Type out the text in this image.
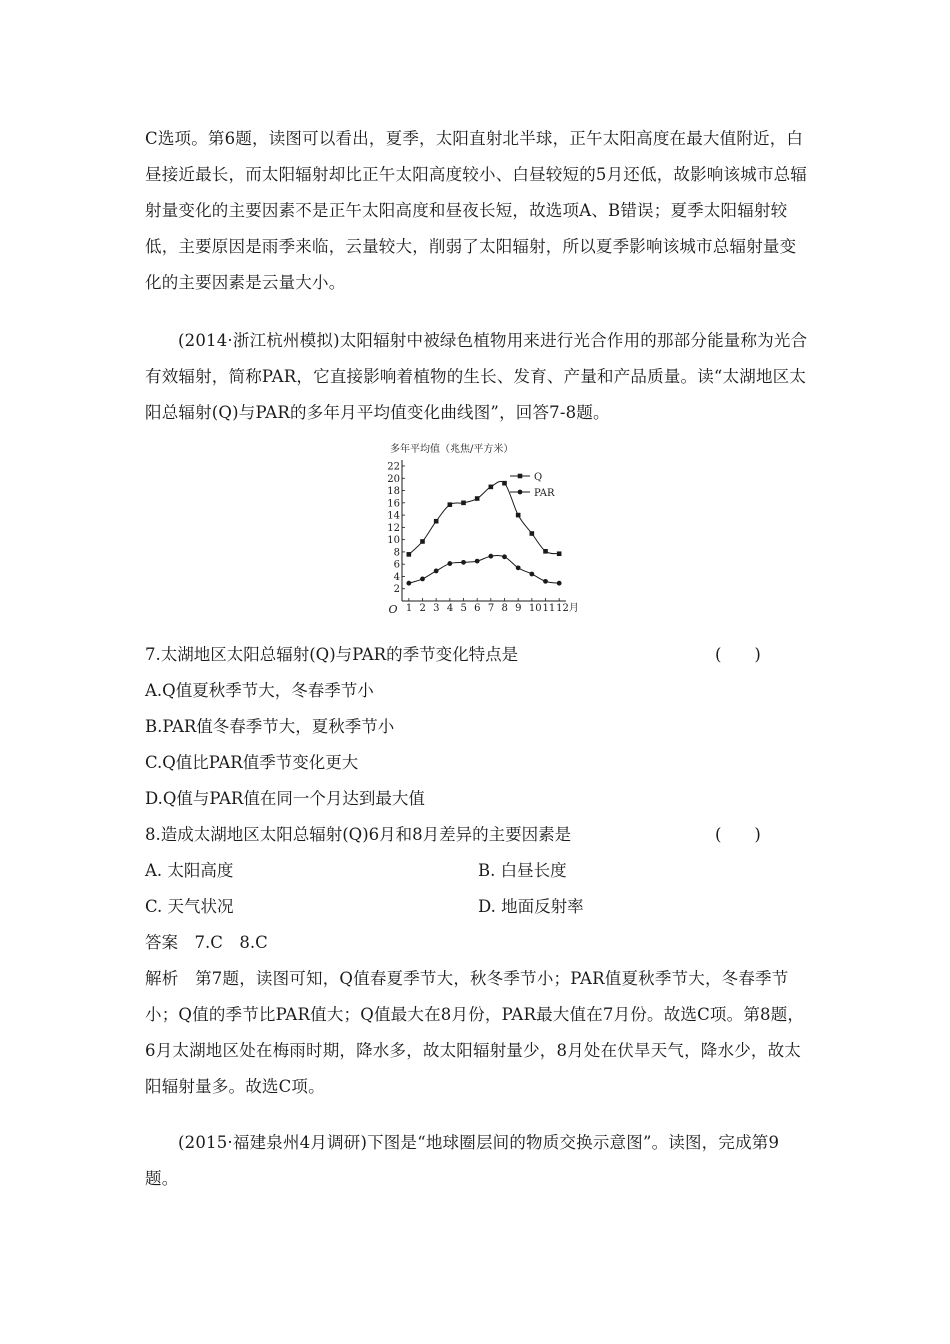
C选项。第6题，读图可以看出，夏季，太阳直射北半球，正午太阳高度在最大值附近，白昼接近最长，而太阳辐射却比正午太阳高度较小、白昼较短的5月还低，故影响该城市总辐射量变化的主要因素不是正午太阳高度和昼夜长短，故选项A、B错误；夏季太阳辐射较低，主要原因是雨季来临，云量较大，削弱了太阳辐射，所以夏季影响该城市总辐射量变化的主要因素是云量大小。

(2014·浙江杭州模拟)太阳辐射中被绿色植物用来进行光合作用的那部分能量称为光合有效辐射，简称PAR，它直接影响着植物的生长、发育、产量和产品质量。读“太湖地区太阳总辐射(Q)与PAR的多年月平均值变化曲线图”，回答7-8题。

多年平均值（兆焦/平方米）
2
4
6
8
10
12
14
16
18
20
22
O 1 2 3 4 5 6 7 8 9 10 11 12月
Q
PAR
7.太湖地区太阳总辐射(Q)与PAR的季节变化特点是	(　　)
A.Q值夏秋季节大，冬春季节小
B.PAR值冬春季节大，夏秋季节小
C.Q值比PAR值季节变化更大
D.Q值与PAR值在同一个月达到最大值
8.造成太湖地区太阳总辐射(Q)6月和8月差异的主要因素是	(　　)
A. 太阳高度	B. 白昼长度
C. 天气状况	D. 地面反射率
答案　7.C　8.C

解析　第7题，读图可知，Q值春夏季节大，秋冬季节小；PAR值夏秋季节大，冬春季节小；Q值的季节比PAR值大；Q值最大在8月份，PAR最大值在7月份。故选C项。第8题，6月太湖地区处在梅雨时期，降水多，故太阳辐射量少，8月处在伏旱天气，降水少，故太阳辐射量多。故选C项。

(2015·福建泉州4月调研)下图是“地球圈层间的物质交换示意图”。读图，完成第9题。
